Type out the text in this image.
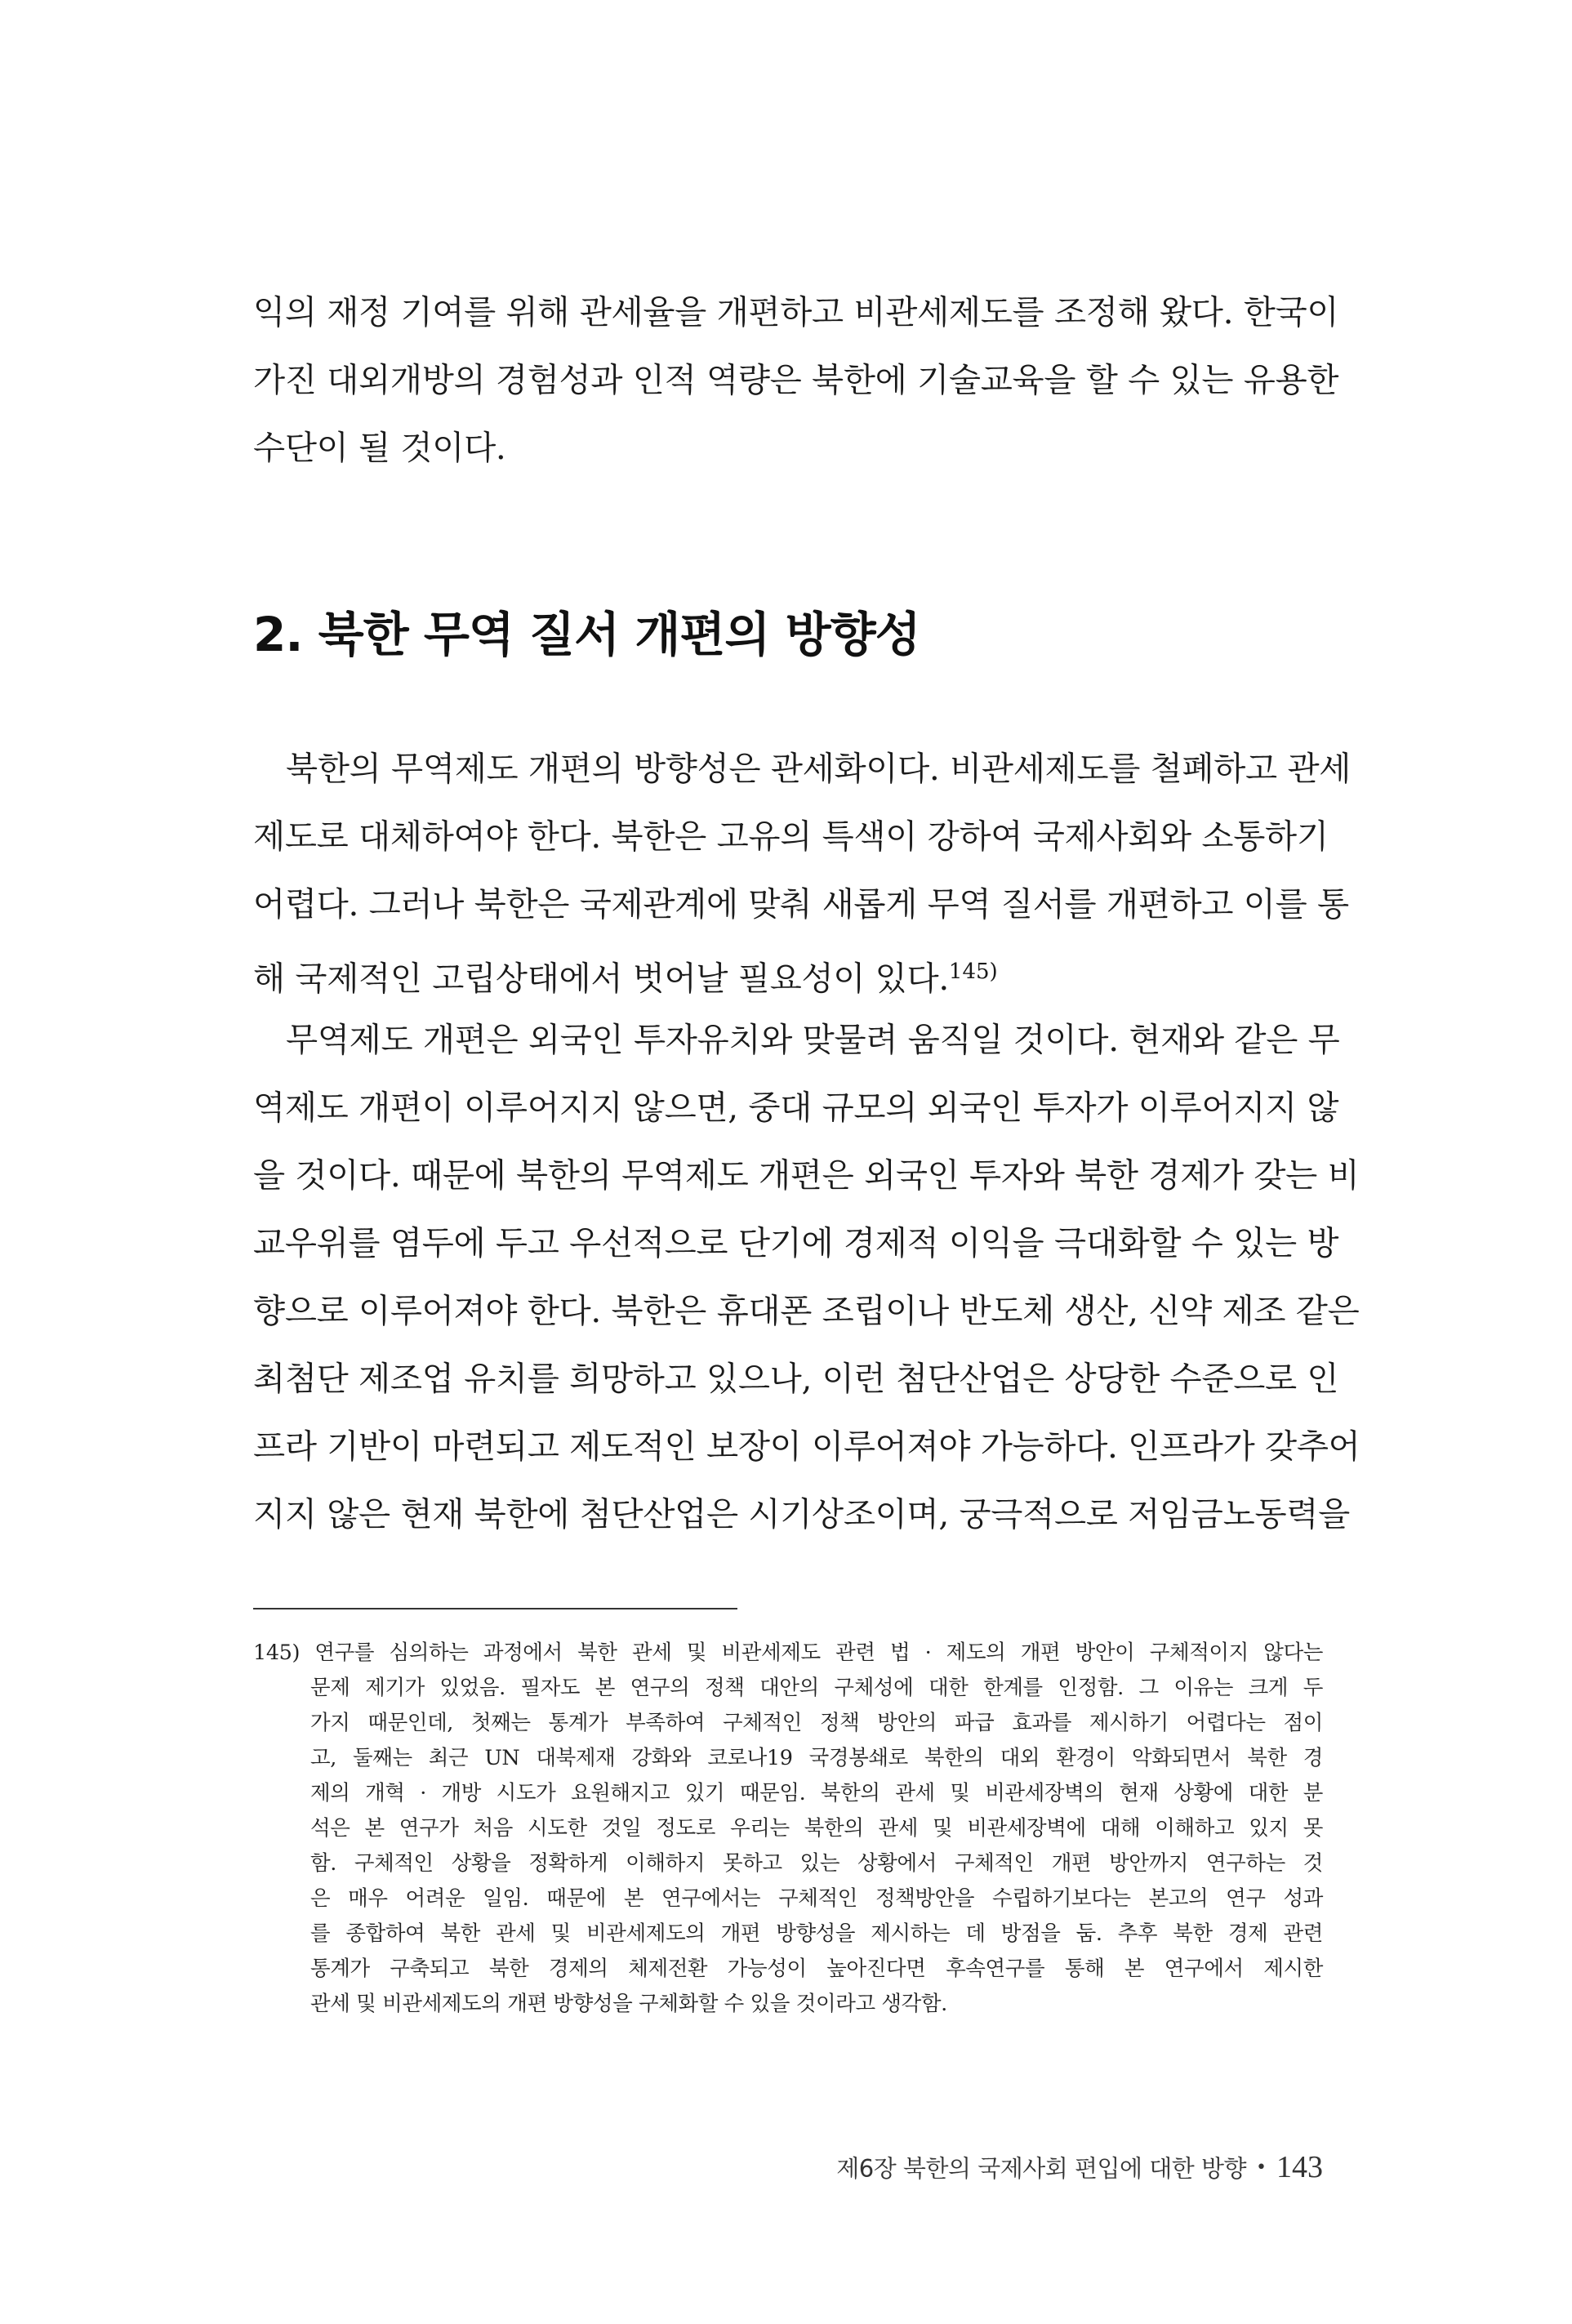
익의 재정 기여를 위해 관세율을 개편하고 비관세제도를 조정해 왔다. 한국이
가진 대외개방의 경험성과 인적 역량은 북한에 기술교육을 할 수 있는 유용한
수단이 될 것이다.
2. 북한 무역 질서 개편의 방향성
북한의 무역제도 개편의 방향성은 관세화이다. 비관세제도를 철폐하고 관세
제도로 대체하여야 한다. 북한은 고유의 특색이 강하여 국제사회와 소통하기
어렵다. 그러나 북한은 국제관계에 맞춰 새롭게 무역 질서를 개편하고 이를 통
해 국제적인 고립상태에서 벗어날 필요성이 있다.$^{145)}$
무역제도 개편은 외국인 투자유치와 맞물려 움직일 것이다. 현재와 같은 무
역제도 개편이 이루어지지 않으면, 중대 규모의 외국인 투자가 이루어지지 않
을 것이다. 때문에 북한의 무역제도 개편은 외국인 투자와 북한 경제가 갖는 비
교우위를 염두에 두고 우선적으로 단기에 경제적 이익을 극대화할 수 있는 방
향으로 이루어져야 한다. 북한은 휴대폰 조립이나 반도체 생산, 신약 제조 같은
최첨단 제조업 유치를 희망하고 있으나, 이런 첨단산업은 상당한 수준으로 인
프라 기반이 마련되고 제도적인 보장이 이루어져야 가능하다. 인프라가 갖추어
지지 않은 현재 북한에 첨단산업은 시기상조이며, 궁극적으로 저임금노동력을
145) 연구를 심의하는 과정에서 북한 관세 및 비관세제도 관련 법 · 제도의 개편 방안이 구체적이지 않다는
문제 제기가 있었음. 필자도 본 연구의 정책 대안의 구체성에 대한 한계를 인정함. 그 이유는 크게 두
가지 때문인데, 첫째는 통계가 부족하여 구체적인 정책 방안의 파급 효과를 제시하기 어렵다는 점이
고, 둘째는 최근 UN 대북제재 강화와 코로나19 국경봉쇄로 북한의 대외 환경이 악화되면서 북한 경
제의 개혁 · 개방 시도가 요원해지고 있기 때문임. 북한의 관세 및 비관세장벽의 현재 상황에 대한 분
석은 본 연구가 처음 시도한 것일 정도로 우리는 북한의 관세 및 비관세장벽에 대해 이해하고 있지 못
함. 구체적인 상황을 정확하게 이해하지 못하고 있는 상황에서 구체적인 개편 방안까지 연구하는 것
은 매우 어려운 일임. 때문에 본 연구에서는 구체적인 정책방안을 수립하기보다는 본고의 연구 성과
를 종합하여 북한 관세 및 비관세제도의 개편 방향성을 제시하는 데 방점을 둠. 추후 북한 경제 관련
통계가 구축되고 북한 경제의 체제전환 가능성이 높아진다면 후속연구를 통해 본 연구에서 제시한
관세 및 비관세제도의 개편 방향성을 구체화할 수 있을 것이라고 생각함.
제6장 북한의 국제사회 편입에 대한 방향 • 143
